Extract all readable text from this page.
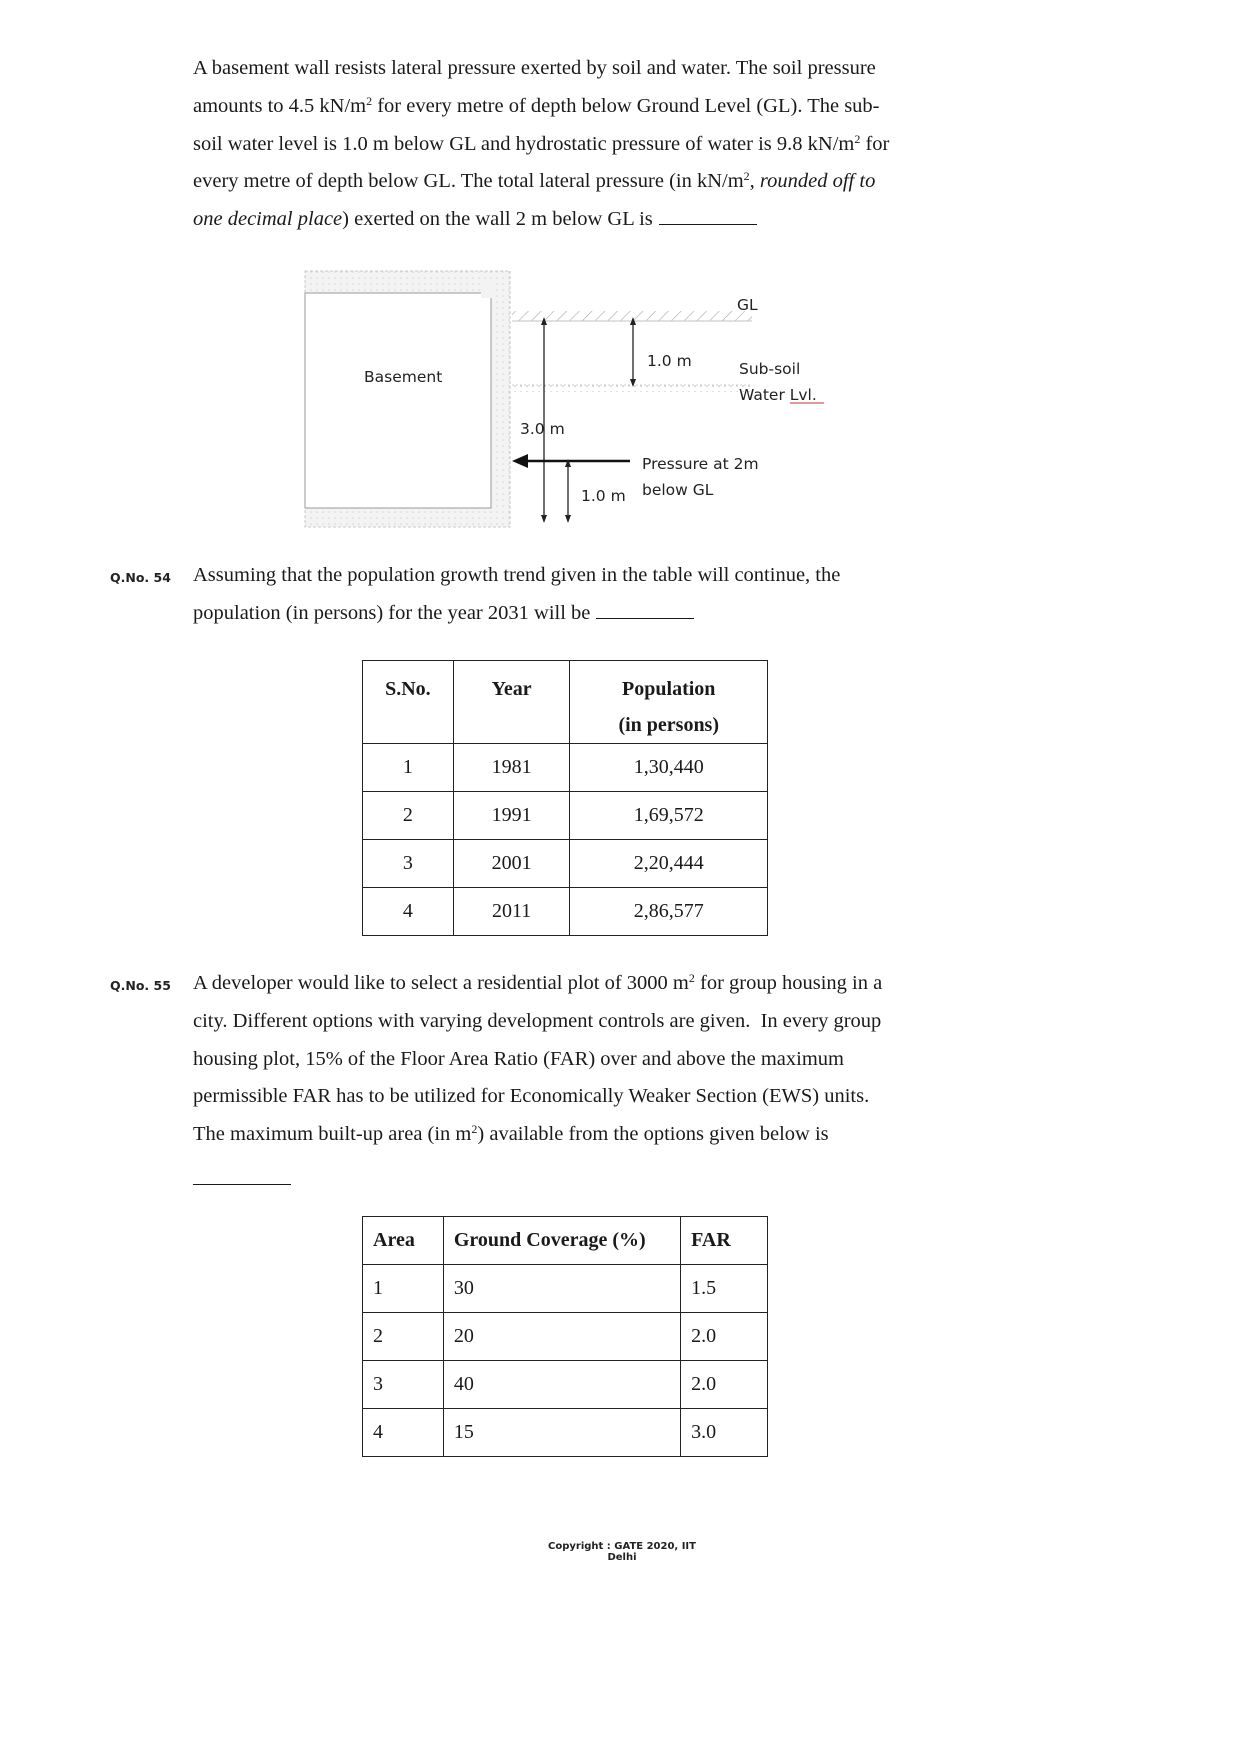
A basement wall resists lateral pressure exerted by soil and water. The soil pressure
amounts to 4.5 $kN/m^2$ for every metre of depth below Ground Level (GL). The sub-
soil water level is 1.0 m below GL and hydrostatic pressure of water is 9.8 $kN/m^2$ for
every metre of depth below GL. The total lateral pressure (in $kN/m^2$, rounded off to
one decimal place) exerted on the wall 2 m below GL is
Basement
GL
1.0 m	Sub-soil
Water Lvl.
3.0 m
Pressure at 2m
below GL
1.0 m
Q.No. 54 Assuming that the population growth trend given in the table will continue, the
population (in persons) for the year 2031 will be
S.No.	Year	Population
(in persons)

1	1981	1,30,440
2	1991	1,69,572
3	2001	2,20,444
4	2011	2,86,577
Q.No. 55 A developer would like to select a residential plot of 3000 $m^2$ for group housing in a
city. Different options with varying development controls are given.  In every group
housing plot, 15% of the Floor Area Ratio (FAR) over and above the maximum
permissible FAR has to be utilized for Economically Weaker Section (EWS) units.
The maximum built-up area (in $m^2$) available from the options given below is
Area	Ground Coverage (%)	FAR
1	30	1.5
2	20	2.0
3	40	2.0
4	15	3.0
Copyright : GATE 2020, IIT Delhi
